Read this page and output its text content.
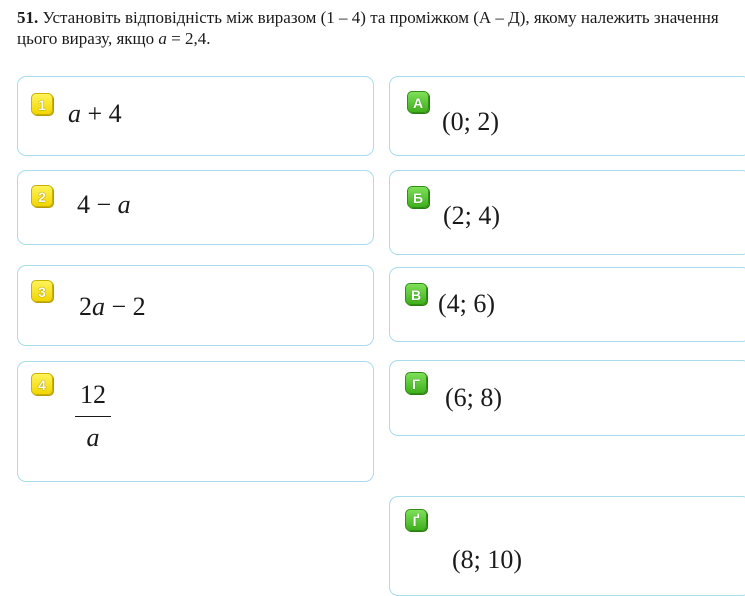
51. Установіть відповідність між виразом (1 – 4) та проміжком (А – Д), якому належить значення цього виразу, якщо a = 2,4.
1 a + 4
2 4 − a
3 2a − 2
4 12
a
А
(0; 2)
Б
(2; 4)
В (4; 6)
Г (6; 8)
Ґ
(8; 10)
